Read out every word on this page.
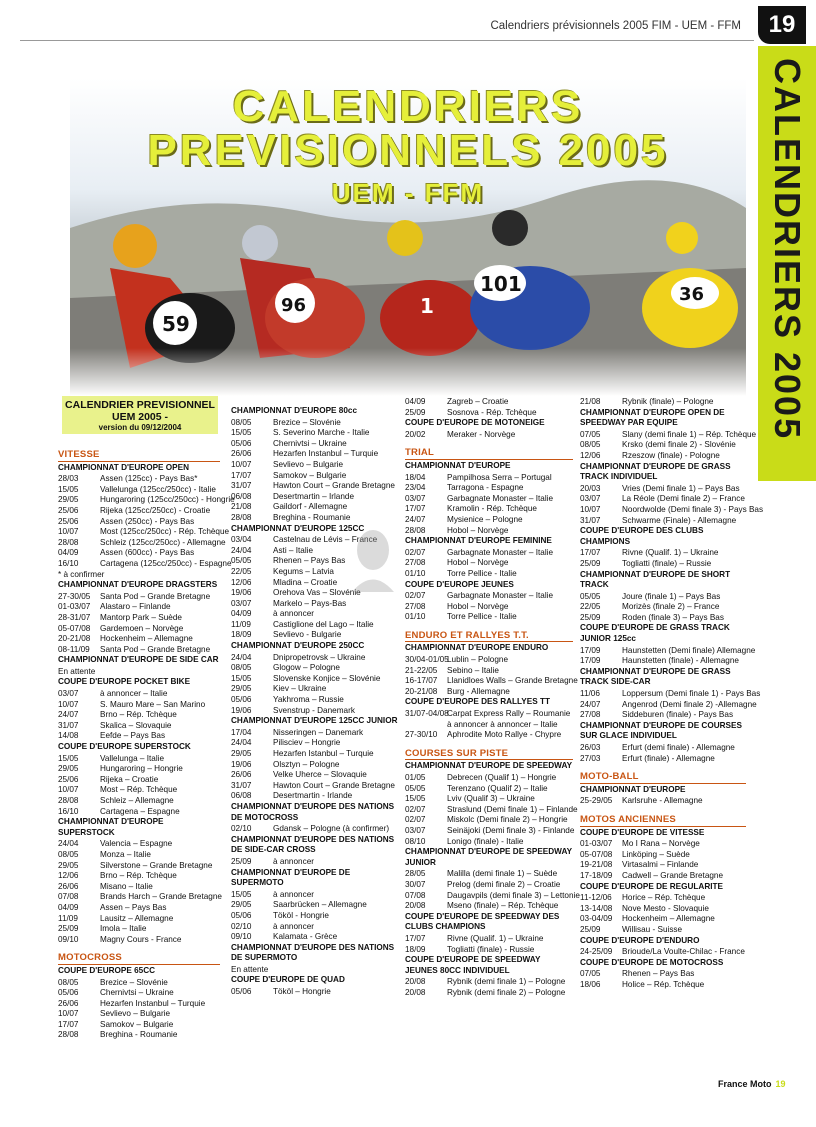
Calendriers prévisionnels 2005 FIM - UEM - FFM	19
CALENDRIERS 2005
59
96	1
101	36
CALENDRIERS
PREVISIONNELS 2005
UEM - FFM
CALENDRIER PREVISIONNEL
UEM 2005 -
version du 09/12/2004
VITESSE
CHAMPIONNAT D'EUROPE OPEN
28/03	Assen (125cc) - Pays Bas*
15/05	Vallelunga (125cc/250cc) - Italie
29/05	Hungaroring (125cc/250cc) - Hongrie
25/06	Rijeka (125cc/250cc) - Croatie
25/06	Assen (250cc) - Pays Bas
10/07	Most (125cc/250cc) - Rép. Tchèque
28/08	Schleiz (125cc/250cc) - Allemagne
04/09	Assen (600cc) - Pays Bas
16/10	Cartagena (125cc/250cc) - Espagne
* à confirmer
CHAMPIONNAT D'EUROPE DRAGSTERS
27-30/05	Santa Pod – Grande Bretagne
01-03/07	Alastaro – Finlande
28-31/07	Mantorp Park – Suède
05-07/08	Gardemoen – Norvège
20-21/08	Hockenheim – Allemagne
08-11/09	Santa Pod – Grande Bretagne
CHAMPIONNAT D'EUROPE DE SIDE CAR
En attente
COUPE D'EUROPE POCKET BIKE
03/07	à annoncer – Italie
10/07	S. Mauro Mare – San Marino
24/07	Brno – Rép. Tchèque
31/07	Skalica – Slovaquie
14/08	Eefde – Pays Bas
COUPE D'EUROPE SUPERSTOCK
15/05	Vallelunga – Italie
29/05	Hungaroring – Hongrie
25/06	Rijeka – Croatie
10/07	Most – Rép. Tchèque
28/08	Schleiz – Allemagne
16/10	Cartagena – Espagne
CHAMPIONNAT D'EUROPE SUPERSTOCK
24/04	Valencia – Espagne
08/05	Monza – Italie
29/05	Silverstone – Grande Bretagne
12/06	Brno – Rép. Tchèque
26/06	Misano – Italie
07/08	Brands Harch – Grande Bretagne
04/09	Assen – Pays Bas
11/09	Lausitz – Allemagne
25/09	Imola – Italie
09/10	Magny Cours - France
MOTOCROSS
COUPE D'EUROPE 65CC
08/05	Brezice – Slovénie
05/06	Chernivtsi – Ukraine
26/06	Hezarfen Instanbul – Turquie
10/07	Sevlievo – Bulgarie
17/07	Samokov – Bulgarie
28/08	Breghina - Roumanie
CHAMPIONNAT D'EUROPE 80cc
08/05	Brezice – Slovénie
15/05	S. Severino Marche - Italie
05/06	Chernivtsi – Ukraine
26/06	Hezarfen Instanbul – Turquie
10/07	Sevlievo – Bulgarie
17/07	Samokov – Bulgarie
31/07	Hawton Court – Grande Bretagne
06/08	Desertmartin – Irlande
21/08	Gaildorf - Allemagne
28/08	Breghina - Roumanie
CHAMPIONNAT D'EUROPE 125CC
03/04	Castelnau de Lévis – France
24/04	Asti – Italie
05/05	Rhenen – Pays Bas
22/05	Kegums – Latvia
12/06	Mladina – Croatie
19/06	Orehova Vas – Slovénie
03/07	Markelo – Pays-Bas
04/09	à annoncer
11/09	Castiglione del Lago – Italie
18/09	Sevlievo - Bulgarie
CHAMPIONNAT D'EUROPE 250CC
24/04	Dnipropetrovsk – Ukraine
08/05	Glogow – Pologne
15/05	Slovenske Konjice – Slovénie
29/05	Kiev – Ukraine
05/06	Yakhroma – Russie
19/06	Svenstrup - Danemark
CHAMPIONNAT D'EUROPE 125CC JUNIOR
17/04	Nisseringen – Danemark
24/04	Pilisciev – Hongrie
29/05	Hezarfen Istanbul – Turquie
19/06	Olsztyn – Pologne
26/06	Velke Uherce – Slovaquie
31/07	Hawton Court – Grande Bretagne
06/08	Desertmartin - Irlande
CHAMPIONNAT D'EUROPE DES NATIONS DE MOTOCROSS
02/10	Gdansk – Pologne (à confirmer)
CHAMPIONNAT D'EUROPE DES NATIONS DE SIDE-CAR CROSS
25/09	à annoncer
CHAMPIONNAT D'EUROPE DE SUPERMOTO
15/05	à annoncer
29/05	Saarbrücken – Allemagne
05/06	Tököl - Hongrie
02/10	à annoncer
09/10	Kalamata - Grèce
CHAMPIONNAT D'EUROPE DES NATIONS DE SUPERMOTO
En attente
COUPE D'EUROPE DE QUAD
05/06	Tököl – Hongrie
04/09	Zagreb – Croatie
25/09	Sosnova - Rép. Tchèque
COUPE D'EUROPE DE MOTONEIGE
20/02	Meraker - Norvège
TRIAL
CHAMPIONNAT D'EUROPE
18/04	Pampilhosa Serra – Portugal
23/04	Tarragona - Espagne
03/07	Garbagnate Monaster – Italie
17/07	Kramolin - Rép. Tchèque
24/07	Mysienice – Pologne
28/08	Hobol – Norvège
CHAMPIONNAT D'EUROPE FEMININE
02/07	Garbagnate Monaster – Italie
27/08	Hobol – Norvège
01/10	Torre Pellice - Italie
COUPE D'EUROPE JEUNES
02/07	Garbagnate Monaster – Italie
27/08	Hobol – Norvège
01/10	Torre Pellice - Italie
ENDURO ET RALLYES T.T.
CHAMPIONNAT D'EUROPE ENDURO
30/04-01/05
Lublin – Pologne
21-22/05	Sebino – Italie
16-17/07	Llanidloes Walls – Grande Bretagne
20-21/08	Burg - Allemagne
COUPE D'EUROPE DES RALLYES TT
31/07-04/08
Carpat Express Rally – Roumanie
à annoncer à annoncer – Italie
27-30/10	Aphrodite Moto Rallye - Chypre
COURSES SUR PISTE
CHAMPIONNAT D'EUROPE DE SPEEDWAY
01/05	Debrecen (Qualif 1) – Hongrie
05/05	Terenzano (Qualif 2) – Italie
15/05	Lviv (Qualif 3) – Ukraine
02/07	Straslund (Demi finale 1) – Finlande
02/07	Miskolc (Demi finale 2) – Hongrie
03/07	Seinäjoki (Demi finale 3) - Finlande
08/10	Lonigo (finale) - Italie
CHAMPIONNAT D'EUROPE DE SPEEDWAY JUNIOR
28/05	Malilla (demi finale 1) – Suède
30/07	Prelog (demi finale 2) – Croatie
07/08	Daugavpils (demi finale 3) – Lettonie
20/08	Mseno (finale) – Rép. Tchèque
COUPE D'EUROPE DE SPEEDWAY DES CLUBS CHAMPIONS
17/07	Rivne (Qualif. 1) – Ukraine
18/09	Togliatti (finale) - Russie
COUPE D'EUROPE DE SPEEDWAY JEUNES 80CC INDIVIDUEL
20/08	Rybnik (demi finale 1) – Pologne
20/08	Rybnik (demi finale 2) – Pologne
21/08	Rybnik (finale) – Pologne
CHAMPIONNAT D'EUROPE OPEN DE SPEEDWAY PAR EQUIPE
07/05	Slany (demi finale 1) – Rép. Tchèque
08/05	Krsko (demi finale 2) - Slovénie
12/06	Rzeszow (finale) - Pologne
CHAMPIONNAT D'EUROPE DE GRASS TRACK INDIVIDUEL
20/03	Vries (Demi finale 1) – Pays Bas
03/07	La Réole (Demi finale 2) – France
10/07	Noordwolde (Demi finale 3) - Pays Bas
31/07	Schwarme (Finale) - Allemagne
COUPE D'EUROPE DES CLUBS CHAMPIONS
17/07	Rivne (Qualif. 1) – Ukraine
25/09	Togliatti (finale) – Russie
CHAMPIONNAT D'EUROPE DE SHORT TRACK
05/05	Joure (finale 1) – Pays Bas
22/05	Morizès (finale 2) – France
25/09	Roden (finale 3) – Pays Bas
COUPE D'EUROPE DE GRASS TRACK JUNIOR 125cc
17/09	Haunstetten (Demi finale) Allemagne
17/09	Haunstetten (finale) - Allemagne
CHAMPIONNAT D'EUROPE DE GRASS TRACK SIDE-CAR
11/06	Loppersum (Demi finale 1) - Pays Bas
24/07	Angenrod (Demi finale 2) -Allemagne
27/08	Siddeburen (finale) - Pays Bas
CHAMPIONNAT D'EUROPE DE COURSES SUR GLACE INDIVIDUEL
26/03	Erfurt (demi finale) - Allemagne
27/03	Erfurt (finale) - Allemagne
MOTO-BALL
CHAMPIONNAT D'EUROPE
25-29/05	Karlsruhe - Allemagne
MOTOS ANCIENNES
COUPE D'EUROPE DE VITESSE
01-03/07	Mo I Rana – Norvège
05-07/08	Linköping – Suède
19-21/08	Virtasalmi – Finlande
17-18/09	Cadwell – Grande Bretagne
COUPE D'EUROPE DE REGULARITE
11-12/06	Horice – Rép. Tchèque
13-14/08	Nove Mesto - Slovaquie
03-04/09	Hockenheim – Allemagne
25/09	Willisau - Suisse
COUPE D'EUROPE D'ENDURO
24-25/09	Brioude/La Voulte-Chilac - France
COUPE D'EUROPE DE MOTOCROSS
07/05	Rhenen – Pays Bas
18/06	Holice – Rép. Tchèque
France Moto 19
